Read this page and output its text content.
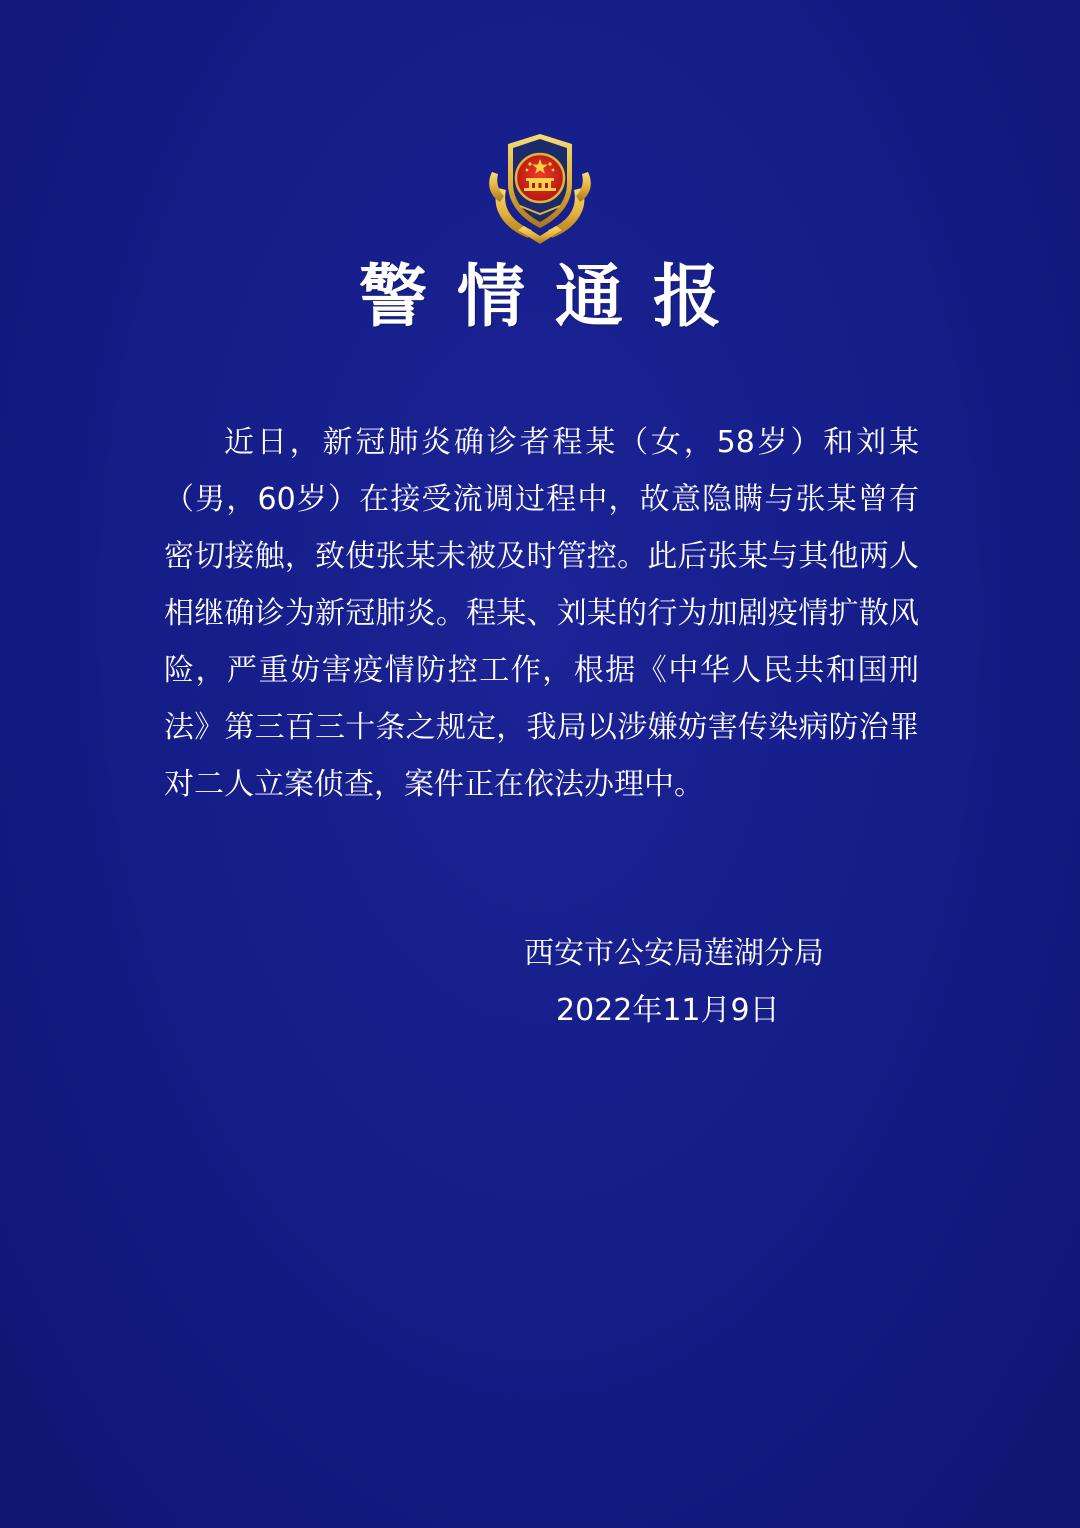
警情通报

近日，新冠肺炎确诊者程某（女，58岁）和刘某（男，60岁）在接受流调过程中，故意隐瞒与张某曾有密切接触，致使张某未被及时管控。此后张某与其他两人相继确诊为新冠肺炎。程某、刘某的行为加剧疫情扩散风险，严重妨害疫情防控工作，根据《中华人民共和国刑法》第三百三十条之规定，我局以涉嫌妨害传染病防治罪对二人立案侦查，案件正在依法办理中。

西安市公安局莲湖分局
2022年11月9日
